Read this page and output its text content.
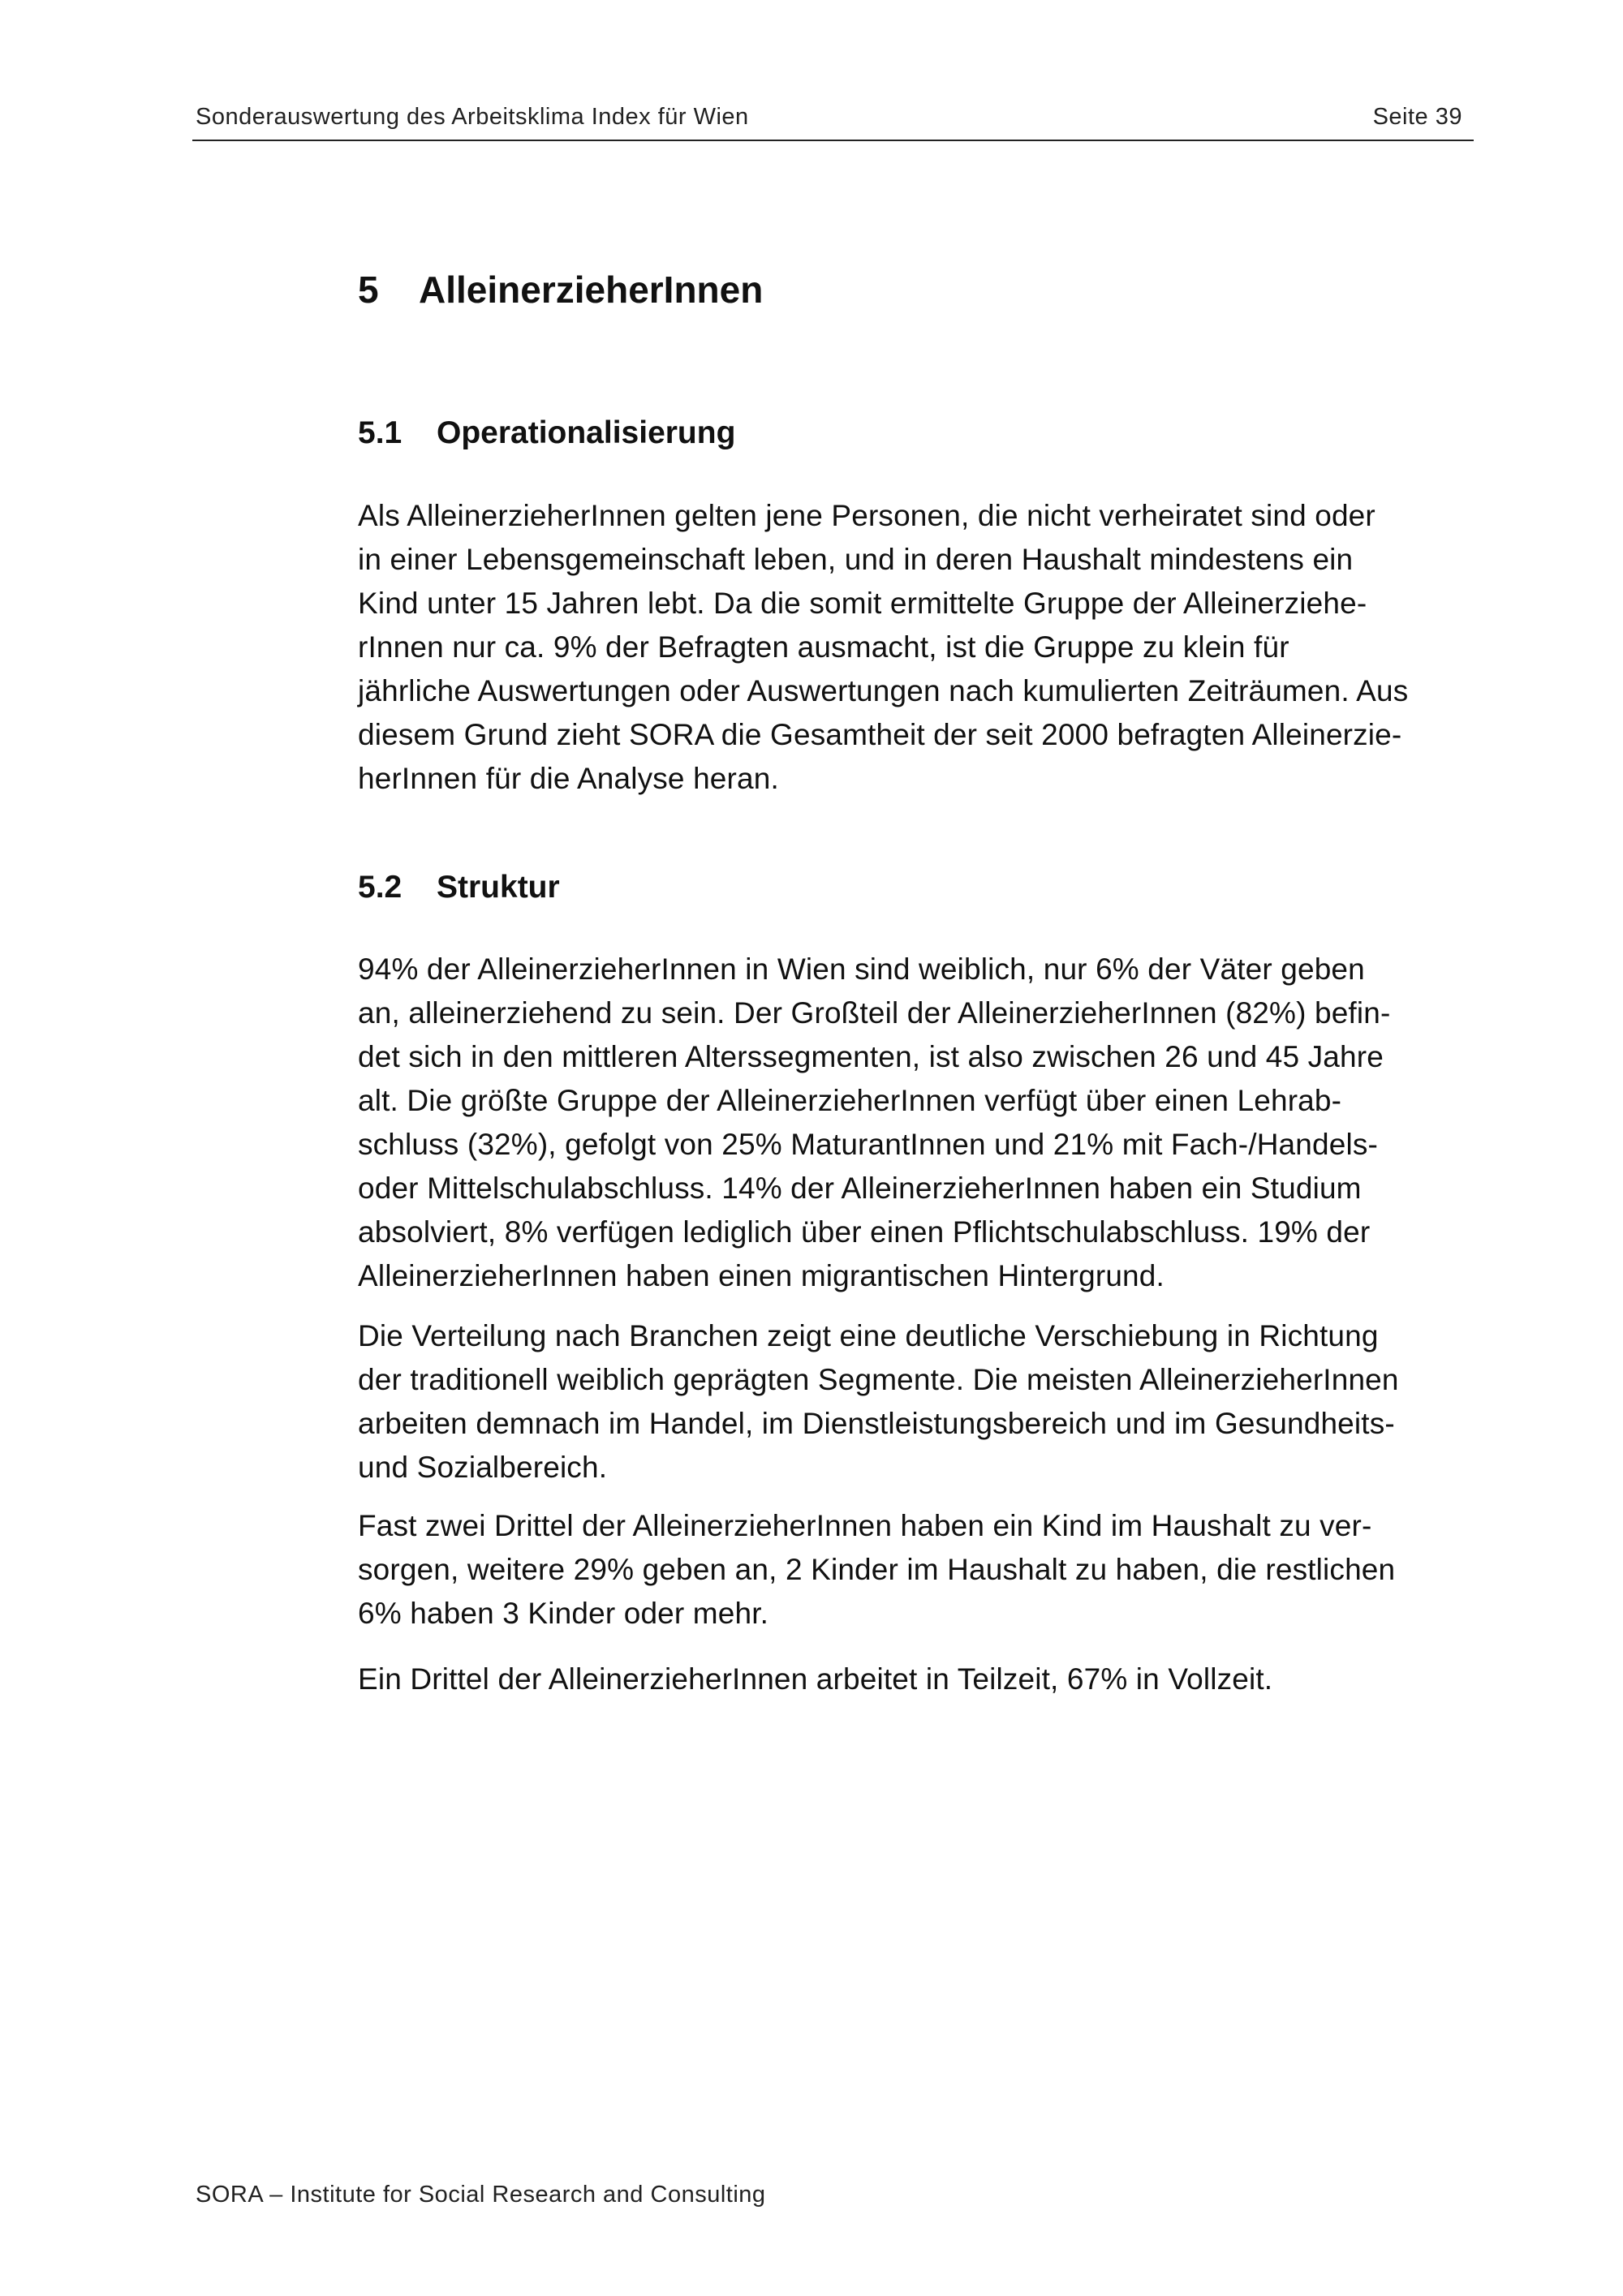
Sonderauswertung des Arbeitsklima Index für Wien	Seite 39
5 AlleinerzieherInnen
5.1 Operationalisierung

Als AlleinerzieherInnen gelten jene Personen, die nicht verheiratet sind oder
in einer Lebensgemeinschaft leben, und in deren Haushalt mindestens ein
Kind unter 15 Jahren lebt. Da die somit ermittelte Gruppe der Alleinerziehe-
rInnen nur ca. 9% der Befragten ausmacht, ist die Gruppe zu klein für
jährliche Auswertungen oder Auswertungen nach kumulierten Zeiträumen. Aus
diesem Grund zieht SORA die Gesamtheit der seit 2000 befragten Alleinerzie-
herInnen für die Analyse heran.

5.2 Struktur

94% der AlleinerzieherInnen in Wien sind weiblich, nur 6% der Väter geben
an, alleinerziehend zu sein. Der Großteil der AlleinerzieherInnen (82%) befin-
det sich in den mittleren Alterssegmenten, ist also zwischen 26 und 45 Jahre
alt. Die größte Gruppe der AlleinerzieherInnen verfügt über einen Lehrab-
schluss (32%), gefolgt von 25% MaturantInnen und 21% mit Fach-/Handels-
oder Mittelschulabschluss. 14% der AlleinerzieherInnen haben ein Studium
absolviert, 8% verfügen lediglich über einen Pflichtschulabschluss. 19% der
AlleinerzieherInnen haben einen migrantischen Hintergrund.

Die Verteilung nach Branchen zeigt eine deutliche Verschiebung in Richtung
der traditionell weiblich geprägten Segmente. Die meisten AlleinerzieherInnen
arbeiten demnach im Handel, im Dienstleistungsbereich und im Gesundheits-
und Sozialbereich.

Fast zwei Drittel der AlleinerzieherInnen haben ein Kind im Haushalt zu ver-
sorgen, weitere 29% geben an, 2 Kinder im Haushalt zu haben, die restlichen
6% haben 3 Kinder oder mehr.

Ein Drittel der AlleinerzieherInnen arbeitet in Teilzeit, 67% in Vollzeit.

SORA – Institute for Social Research and Consulting
